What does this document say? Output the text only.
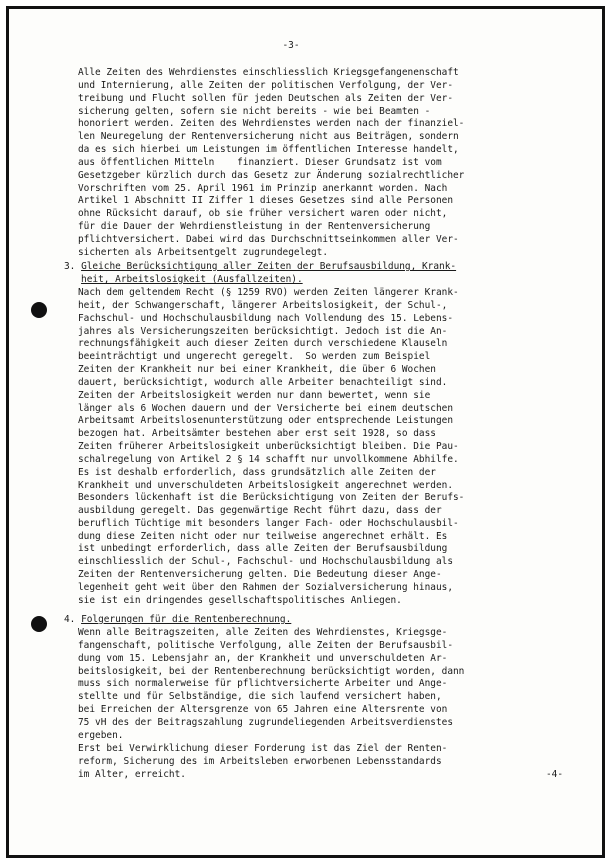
-3-
Alle Zeiten des Wehrdienstes einschliesslich Kriegsgefangenenschaft
und Internierung, alle Zeiten der politischen Verfolgung, der Ver-
treibung und Flucht sollen für jeden Deutschen als Zeiten der Ver-
sicherung gelten, sofern sie nicht bereits - wie bei Beamten -
honoriert werden. Zeiten des Wehrdienstes werden nach der finanziel-
len Neuregelung der Rentenversicherung nicht aus Beiträgen, sondern
da es sich hierbei um Leistungen im öffentlichen Interesse handelt,
aus öffentlichen Mitteln    finanziert. Dieser Grundsatz ist vom
Gesetzgeber kürzlich durch das Gesetz zur Änderung sozialrechtlicher
Vorschriften vom 25. April 1961 im Prinzip anerkannt worden. Nach
Artikel 1 Abschnitt II Ziffer 1 dieses Gesetzes sind alle Personen
ohne Rücksicht darauf, ob sie früher versichert waren oder nicht,
für die Dauer der Wehrdienstleistung in der Rentenversicherung
pflichtversichert. Dabei wird das Durchschnittseinkommen aller Ver-
sicherten als Arbeitsentgelt zugrundegelegt.
3. Gleiche Berücksichtigung aller Zeiten der Berufsausbildung, Krank-
heit, Arbeitslosigkeit (Ausfallzeiten).
Nach dem geltendem Recht (§ 1259 RVO) werden Zeiten längerer Krank-
heit, der Schwangerschaft, längerer Arbeitslosigkeit, der Schul-,
Fachschul- und Hochschulausbildung nach Vollendung des 15. Lebens-
jahres als Versicherungszeiten berücksichtigt. Jedoch ist die An-
rechnungsfähigkeit auch dieser Zeiten durch verschiedene Klauseln
beeinträchtigt und ungerecht geregelt.  So werden zum Beispiel
Zeiten der Krankheit nur bei einer Krankheit, die über 6 Wochen
dauert, berücksichtigt, wodurch alle Arbeiter benachteiligt sind.
Zeiten der Arbeitslosigkeit werden nur dann bewertet, wenn sie
länger als 6 Wochen dauern und der Versicherte bei einem deutschen
Arbeitsamt Arbeitslosenunterstützung oder entsprechende Leistungen
bezogen hat. Arbeitsämter bestehen aber erst seit 1928, so dass
Zeiten früherer Arbeitslosigkeit unberücksichtigt bleiben. Die Pau-
schalregelung von Artikel 2 § 14 schafft nur unvollkommene Abhilfe.
Es ist deshalb erforderlich, dass grundsätzlich alle Zeiten der
Krankheit und unverschuldeten Arbeitslosigkeit angerechnet werden.
Besonders lückenhaft ist die Berücksichtigung von Zeiten der Berufs-
ausbildung geregelt. Das gegenwärtige Recht führt dazu, dass der
beruflich Tüchtige mit besonders langer Fach- oder Hochschulausbil-
dung diese Zeiten nicht oder nur teilweise angerechnet erhält. Es
ist unbedingt erforderlich, dass alle Zeiten der Berufsausbildung
einschliesslich der Schul-, Fachschul- und Hochschulausbildung als
Zeiten der Rentenversicherung gelten. Die Bedeutung dieser Ange-
legenheit geht weit über den Rahmen der Sozialversicherung hinaus,
sie ist ein dringendes gesellschaftspolitisches Anliegen.
4. Folgerungen für die Rentenberechnung.
Wenn alle Beitragszeiten, alle Zeiten des Wehrdienstes, Kriegsge-
fangenschaft, politische Verfolgung, alle Zeiten der Berufsausbil-
dung vom 15. Lebensjahr an, der Krankheit und unverschuldeten Ar-
beitslosigkeit, bei der Rentenberechnung berücksichtigt worden, dann
muss sich normalerweise für pflichtversicherte Arbeiter und Ange-
stellte und für Selbständige, die sich laufend versichert haben,
bei Erreichen der Altersgrenze von 65 Jahren eine Altersrente von
75 vH des der Beitragszahlung zugrundeliegenden Arbeitsverdienstes
ergeben.
Erst bei Verwirklichung dieser Forderung ist das Ziel der Renten-
reform, Sicherung des im Arbeitsleben erworbenen Lebensstandards
im Alter, erreicht.	-4-
